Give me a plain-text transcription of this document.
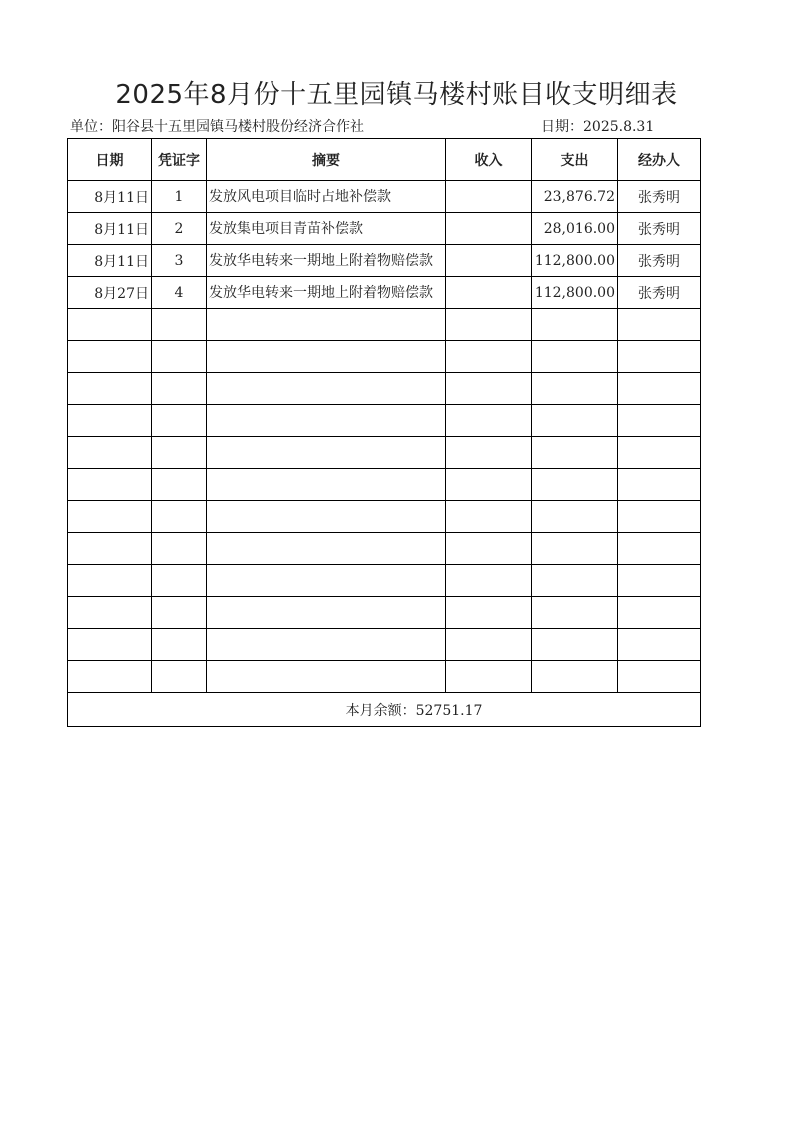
2025年8月份十五里园镇马楼村账目收支明细表
单位：阳谷县十五里园镇马楼村股份经济合作社	日期：2025.8.31
日期	凭证字	摘要	收入	支出	经办人
8月11日	1	发放风电项目临时占地补偿款		23,876.72	张秀明
8月11日	2	发放集电项目青苗补偿款		28,016.00	张秀明
8月11日	3	发放华电转来一期地上附着物赔偿款		112,800.00	张秀明
8月27日	4	发放华电转来一期地上附着物赔偿款		112,800.00	张秀明

本月余额：52751.17					
